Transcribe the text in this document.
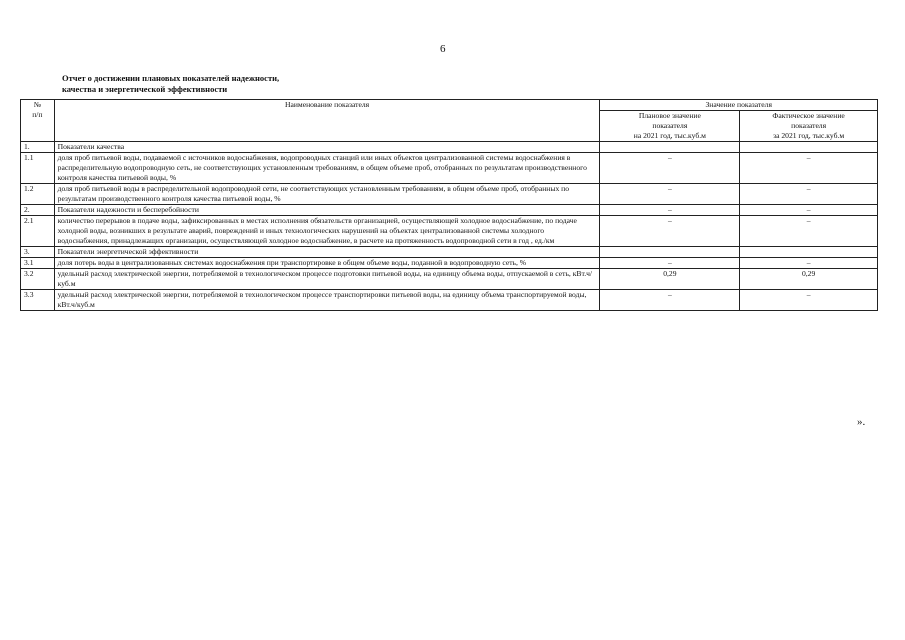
6
Отчет о достижении плановых показателей надежности,
качества и энергетической эффективности
№
п/п	Наименование показателя	Значение показателя	
		Плановое значение
показателя
на 2021 год, тыс.куб.м	Фактическое значение
показателя
за 2021 год, тыс.куб.м
1.	Показатели качества		
1.1	доля проб питьевой воды, подаваемой с источников водоснабжения, водопроводных станций или иных объектов централизованной системы водоснабжения в распределительную водопроводную сеть, не соответствующих установленным требованиям, в общем объеме проб, отобранных по результатам производственного контроля качества питьевой воды, %	–	–
1.2	доля проб питьевой воды в распределительной водопроводной сети, не соответствующих установленным требованиям, в общем объеме проб, отобранных по результатам производственного контроля качества питьевой воды, %	–	–
2.	Показатели надежности и бесперебойности	–	–
2.1	количество перерывов в подаче воды, зафиксированных в местах исполнения обязательств организацией, осуществляющей холодное водоснабжение, по подаче холодной воды, возникших в результате аварий, повреждений и иных технологических нарушений на объектах централизованной системы холодного водоснабжения, принадлежащих организации, осуществляющей холодное водоснабжение, в расчете на протяженность водопроводной сети в год , ед./км	–	–
3.	Показатели энергетической эффективности		
3.1	доля потерь воды в централизованных системах водоснабжения при транспортировке в общем объеме воды, поданной в водопроводную сеть, %	–	–
3.2	удельный расход электрической энергии, потребляемой в технологическом процессе подготовки питьевой воды, на единицу объема воды, отпускаемой в сеть, кВт.ч/куб.м	0,29	0,29
3.3	удельный расход электрической энергии, потребляемой в технологическом процессе транспортировки питьевой воды, на единицу объема транспортируемой воды, кВт.ч/куб.м	–	–
».
